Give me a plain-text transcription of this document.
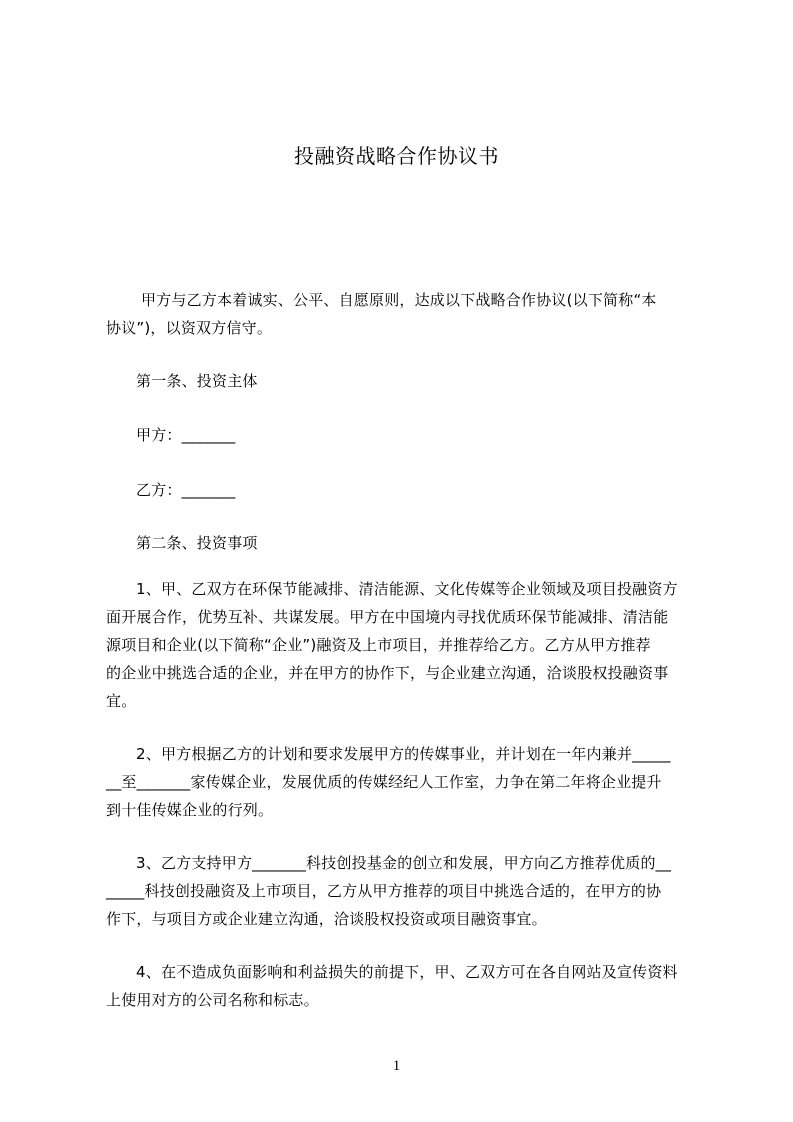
投融资战略合作协议书
甲方与乙方本着诚实、公平、自愿原则，达成以下战略合作协议(以下简称“本
协议”)，以资双方信守。
第一条、投资主体
甲方：_______
乙方：_______
第二条、投资事项
1、甲、乙双方在环保节能减排、清洁能源、文化传媒等企业领域及项目投融资方
面开展合作，优势互补、共谋发展。甲方在中国境内寻找优质环保节能减排、清洁能
源项目和企业(以下简称“企业”)融资及上市项目，并推荐给乙方。乙方从甲方推荐
的企业中挑选合适的企业，并在甲方的协作下，与企业建立沟通，洽谈股权投融资事
宜。
2、甲方根据乙方的计划和要求发展甲方的传媒事业，并计划在一年内兼并_____
__至_______家传媒企业，发展优质的传媒经纪人工作室，力争在第二年将企业提升
到十佳传媒企业的行列。
3、乙方支持甲方_______科技创投基金的创立和发展，甲方向乙方推荐优质的__
_____科技创投融资及上市项目，乙方从甲方推荐的项目中挑选合适的，在甲方的协
作下，与项目方或企业建立沟通，洽谈股权投资或项目融资事宜。
4、在不造成负面影响和利益损失的前提下，甲、乙双方可在各自网站及宣传资料
上使用对方的公司名称和标志。
1
